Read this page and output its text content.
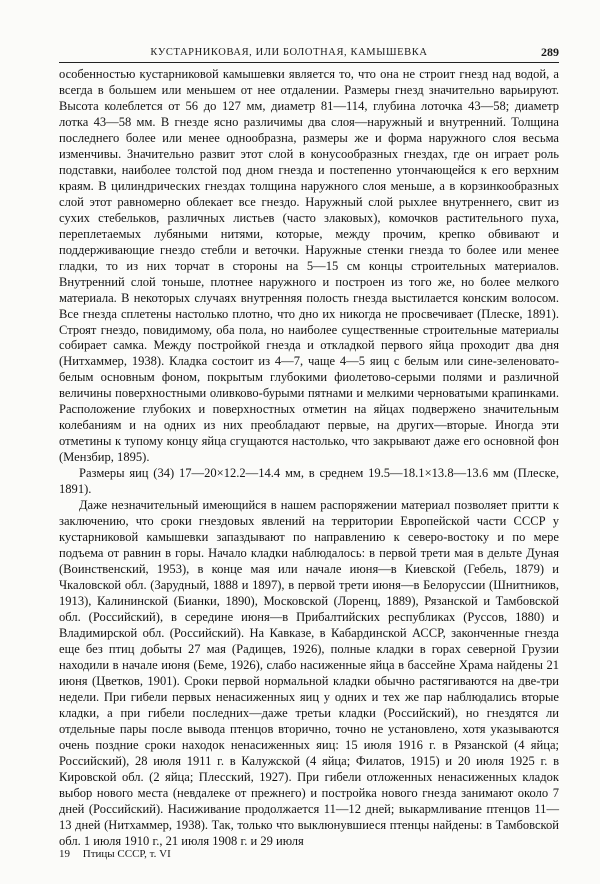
КУСТАРНИКОВАЯ, ИЛИ БОЛОТНАЯ, КАМЫШЕВКА	289

особенностью кустарниковой камышевки является то, что она не строит гнезд над водой, а всегда в большем или меньшем от нее отдалении. Размеры гнезд значительно варьируют. Высота колеблется от 56 до 127 мм, диаметр 81—114, глубина лоточка 43—58; диаметр лотка 43—58 мм. В гнезде ясно различимы два слоя—наружный и внутренний. Толщина последнего более или менее однообразна, размеры же и форма наружного слоя весьма изменчивы. Значительно развит этот слой в конусообразных гнездах, где он играет роль подставки, наиболее толстой под дном гнезда и постепенно утончающейся к его верхним краям. В цилиндрических гнездах толщина наружного слоя меньше, а в корзинкообразных слой этот равномерно облекает все гнездо. Наружный слой рыхлее внутреннего, свит из сухих стебельков, различных листьев (часто злаковых), комочков растительного пуха, переплетаемых лубяными нитями, которые, между прочим, крепко обвивают и поддерживающие гнездо стебли и веточки. Наружные стенки гнезда то более или менее гладки, то из них торчат в стороны на 5—15 см концы строительных материалов. Внутренний слой тоньше, плотнее наружного и построен из того же, но более мелкого материала. В некоторых случаях внутренняя полость гнезда выстилается конским волосом. Все гнезда сплетены настолько плотно, что дно их никогда не просвечивает (Плеске, 1891). Строят гнездо, повидимому, оба пола, но наиболее существенные строительные материалы собирает самка. Между постройкой гнезда и откладкой первого яйца проходит два дня (Нитхаммер, 1938). Кладка состоит из 4—7, чаще 4—5 яиц с белым или сине-зеленовато-белым основным фоном, покрытым глубокими фиолетово-серыми полями и различной величины поверхностными оливково-бурыми пятнами и мелкими черноватыми крапинками. Расположение глубоких и поверхностных отметин на яйцах подвержено значительным колебаниям и на одних из них преобладают первые, на других—вторые. Иногда эти отметины к тупому концу яйца сгущаются настолько, что закрывают даже его основной фон (Мензбир, 1895).

Размеры яиц (34) 17—20×12.2—14.4 мм, в среднем 19.5—18.1×13.8—13.6 мм (Плеске, 1891).

Даже незначительный имеющийся в нашем распоряжении материал позволяет притти к заключению, что сроки гнездовых явлений на территории Европейской части СССР у кустарниковой камышевки запаздывают по направлению к северо-востоку и по мере подъема от равнин в горы. Начало кладки наблюдалось: в первой трети мая в дельте Дуная (Воинственский, 1953), в конце мая или начале июня—в Киевской (Гебель, 1879) и Чкаловской обл. (Зарудный, 1888 и 1897), в первой трети июня—в Белоруссии (Шнитников, 1913), Калининской (Бианки, 1890), Московской (Лоренц, 1889), Рязанской и Тамбовской обл. (Российский), в середине июня—в Прибалтийских республиках (Руссов, 1880) и Владимирской обл. (Российский). На Кавказе, в Кабардинской АССР, законченные гнезда еще без птиц добыты 27 мая (Радищев, 1926), полные кладки в горах северной Грузии находили в начале июня (Беме, 1926), слабо насиженные яйца в бассейне Храма найдены 21 июня (Цветков, 1901). Сроки первой нормальной кладки обычно растягиваются на две-три недели. При гибели первых ненасиженных яиц у одних и тех же пар наблюдались вторые кладки, а при гибели последних—даже третьи кладки (Российский), но гнездятся ли отдельные пары после вывода птенцов вторично, точно не установлено, хотя указываются очень поздние сроки находок ненасиженных яиц: 15 июля 1916 г. в Рязанской (4 яйца; Российский), 28 июля 1911 г. в Калужской (4 яйца; Филатов, 1915) и 20 июля 1925 г. в Кировской обл. (2 яйца; Плесский, 1927). При гибели отложенных ненасиженных кладок выбор нового места (невдалеке от прежнего) и постройка нового гнезда занимают около 7 дней (Российский). Насиживание продолжается 11—12 дней; выкармливание птенцов 11—13 дней (Нитхаммер, 1938). Так, только что выклюнувшиеся птенцы найдены: в Тамбовской обл. 1 июля 1910 г., 21 июля 1908 г. и 29 июля

19 Птицы СССР, т. VI
